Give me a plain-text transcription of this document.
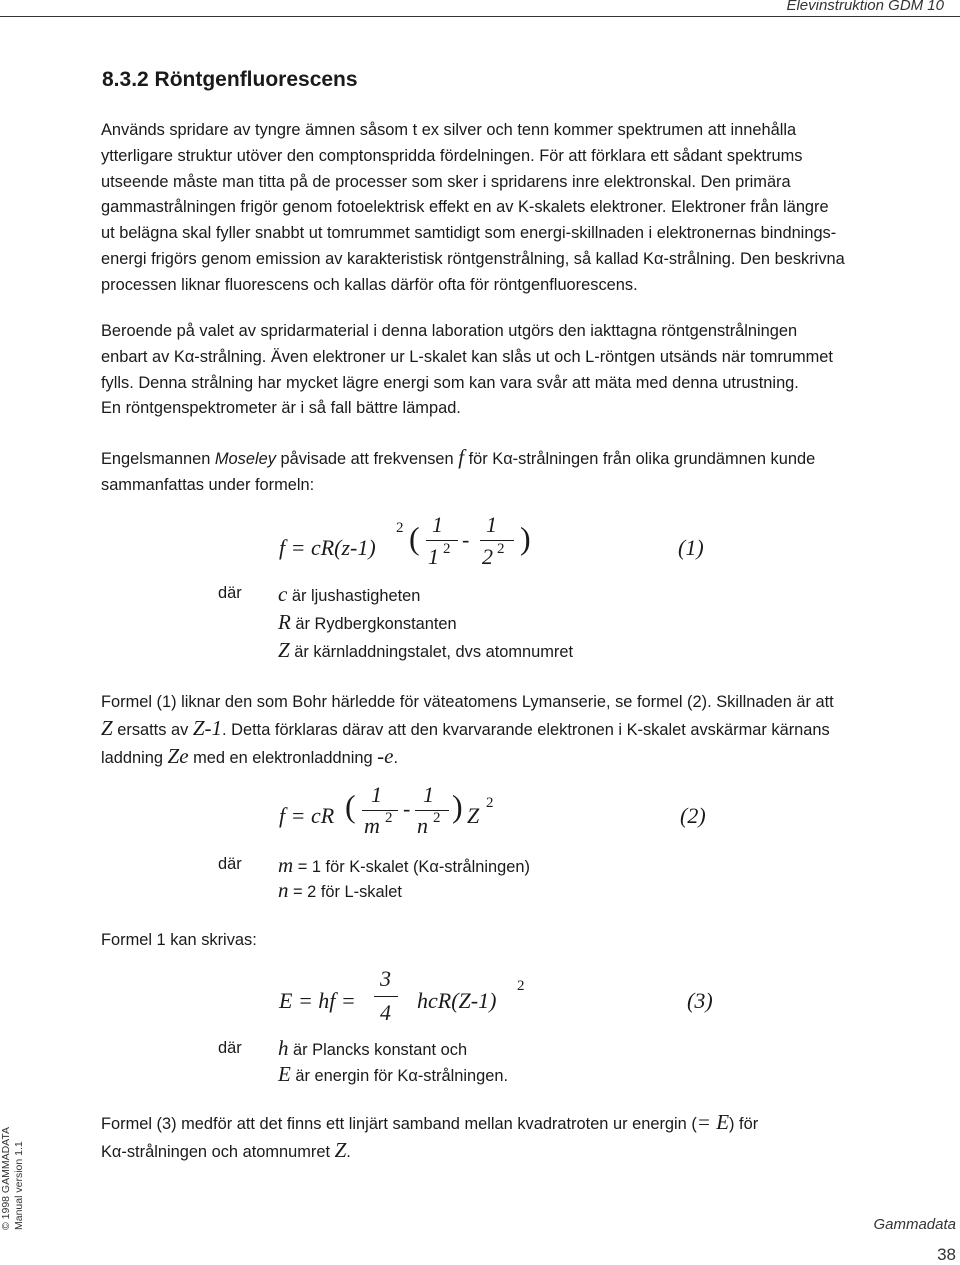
Elevinstruktion GDM 10
8.3.2 Röntgenfluorescens

Används spridare av tyngre ämnen såsom t ex silver och tenn kommer spektrumen att innehålla

ytterligare struktur utöver den comptonspridda fördelningen. För att förklara ett sådant spektrums

utseende måste man titta på de processer som sker i spridarens inre elektronskal. Den primära

gammastrålningen frigör genom fotoelektrisk effekt en av K-skalets elektroner. Elektroner från längre

ut belägna skal fyller snabbt ut tomrummet samtidigt som energi-skillnaden i elektronernas bindnings-

energi frigörs genom emission av karakteristisk röntgenstrålning, så kallad Kα-strålning. Den beskrivna

processen liknar fluorescens och kallas därför ofta för röntgenfluorescens.

Beroende på valet av spridarmaterial i denna laboration utgörs den iakttagna röntgenstrålningen

enbart av Kα-strålning. Även elektroner ur L-skalet kan slås ut och L-röntgen utsänds när tomrummet

fylls. Denna strålning har mycket lägre energi som kan vara svår att mäta med denna utrustning.

En röntgenspektrometer är i så fall bättre lämpad.

Engelsmannen Moseley påvisade att frekvensen f för Kα-strålningen från olika grundämnen kunde

sammanfattas under formeln:

f = cR(z-1)
2 ( 1
1 2 -
1
2 2 )	(1)
där c är ljushastigheten
R är Rydbergkonstanten
Z är kärnladdningstalet, dvs atomnumret

Formel (1) liknar den som Bohr härledde för väteatomens Lymanserie, se formel (2). Skillnaden är att

Z ersatts av Z-1. Detta förklaras därav att den kvarvarande elektronen i K-skalet avskärmar kärnans

laddning Ze med en elektronladdning -e.

f = cR ( 1
m 2 -
1
n 2 ) Z 2	(2)
där m = 1 för K-skalet (Kα-strålningen)
n = 2 för L-skalet
Formel 1 kan skrivas:
E = hf =
3
4 hcR(Z-1)
2
(3)
där h är Plancks konstant och
E är energin för Kα-strålningen.

Formel (3) medför att det finns ett linjärt samband mellan kvadratroten ur energin (= E) för

Kα-strålningen och atomnumret Z.

© 1998 GAMMADATA Manual version 1.1	Gammadata
38
